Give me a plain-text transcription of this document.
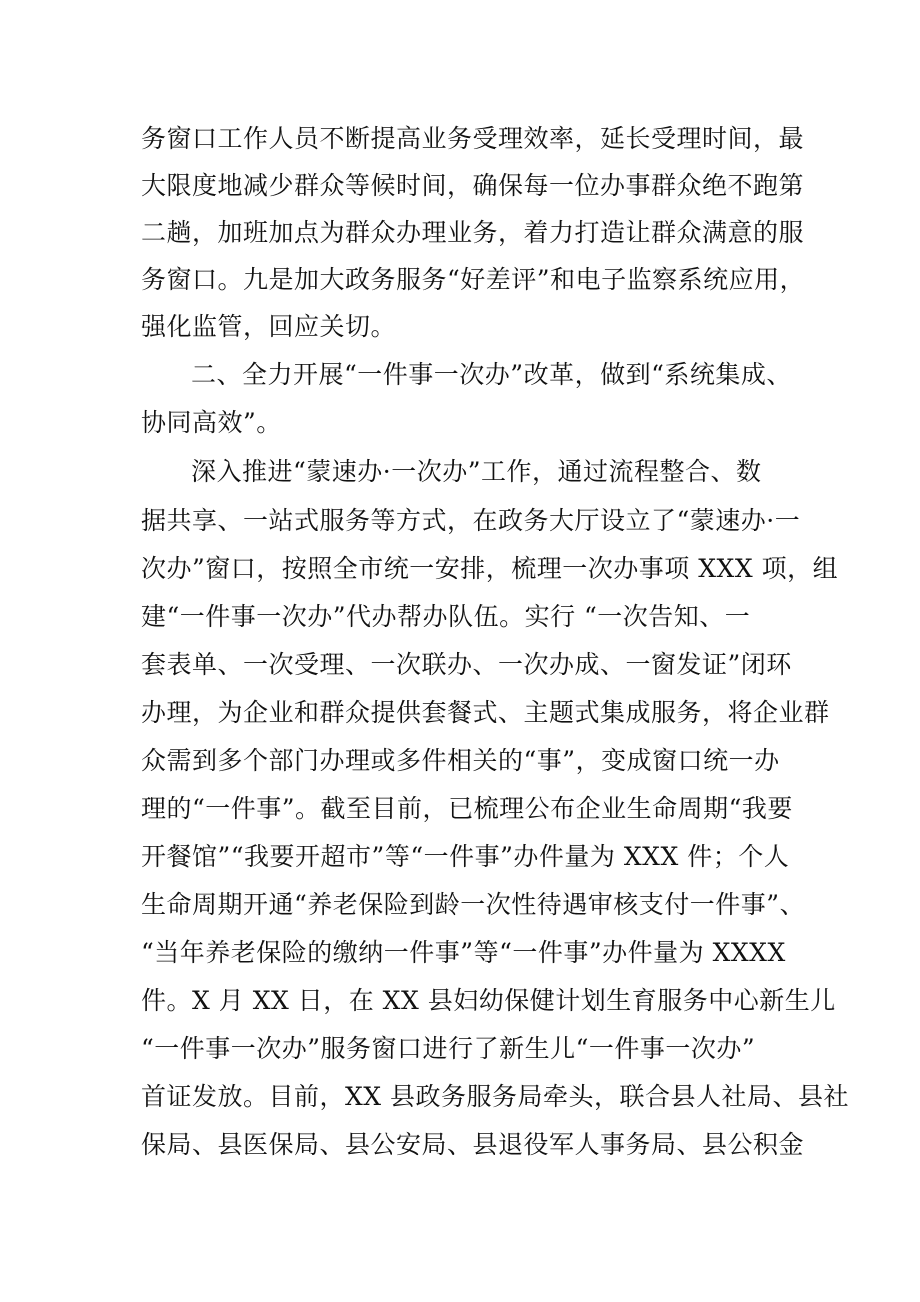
务窗口工作人员不断提高业务受理效率，延长受理时间，最
大限度地减少群众等候时间，确保每一位办事群众绝不跑第
二趟，加班加点为群众办理业务，着力打造让群众满意的服
务窗口。九是加大政务服务“好差评”和电子监察系统应用，
强化监管，回应关切。
二、全力开展“一件事一次办”改革，做到“系统集成、
协同高效”。
深入推进“蒙速办·一次办”工作，通过流程整合、数
据共享、一站式服务等方式，在政务大厅设立了“蒙速办·一
次办”窗口，按照全市统一安排，梳理一次办事项 XXX 项，组
建“一件事一次办”代办帮办队伍。实行 “一次告知、一
套表单、一次受理、一次联办、一次办成、一窗发证”闭环
办理，为企业和群众提供套餐式、主题式集成服务，将企业群
众需到多个部门办理或多件相关的“事”，变成窗口统一办
理的“一件事”。截至目前，已梳理公布企业生命周期“我要
开餐馆”“我要开超市”等“一件事”办件量为 XXX 件；个人
生命周期开通“养老保险到龄一次性待遇审核支付一件事”、
“当年养老保险的缴纳一件事”等“一件事”办件量为 XXXX
件。X 月 XX 日，在 XX 县妇幼保健计划生育服务中心新生儿
“一件事一次办”服务窗口进行了新生儿“一件事一次办”
首证发放。目前，XX 县政务服务局牵头，联合县人社局、县社
保局、县医保局、县公安局、县退役军人事务局、县公积金
